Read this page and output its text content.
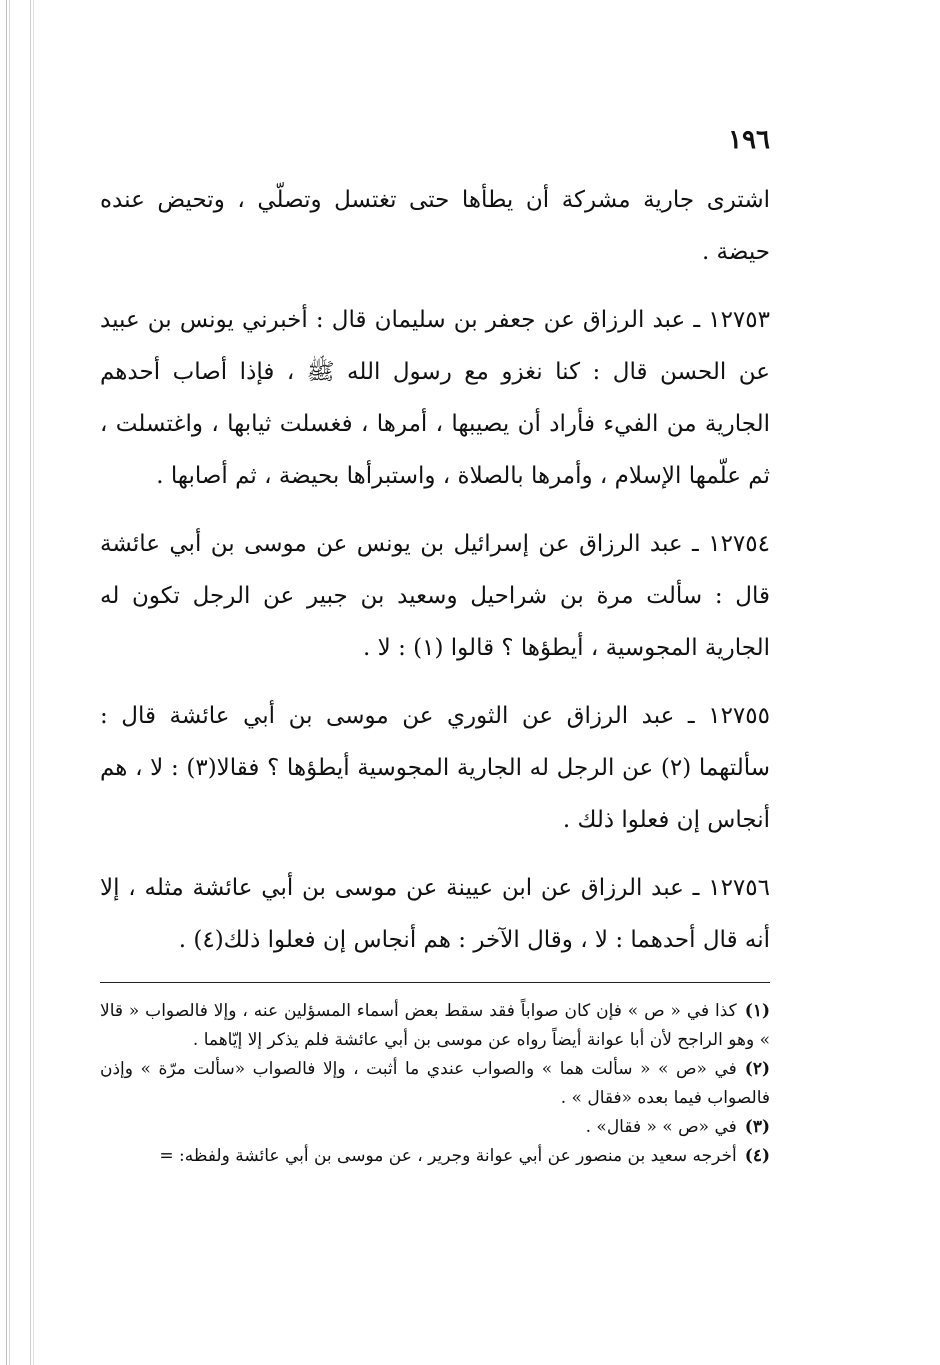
١٩٦

اشترى جارية مشركة أن يطأها حتى تغتسل وتصلّي ، وتحيض عنده حيضة .

١٢٧٥٣ ـ عبد الرزاق عن جعفر بن سليمان قال : أخبرني يونس بن عبيد عن الحسن قال : كنا نغزو مع رسول الله ﷺ ، فإذا أصاب أحدهم الجارية من الفيء فأراد أن يصيبها ، أمرها ، فغسلت ثيابها ، واغتسلت ، ثم علّمها الإسلام ، وأمرها بالصلاة ، واستبرأها بحيضة ، ثم أصابها .

١٢٧٥٤ ـ عبد الرزاق عن إسرائيل بن يونس عن موسى بن أبي عائشة قال : سألت مرة بن شراحيل وسعيد بن جبير عن الرجل تكون له الجارية المجوسية ، أيطؤها ؟ قالوا (١) : لا .

١٢٧٥٥ ـ عبد الرزاق عن الثوري عن موسى بن أبي عائشة قال : سألتهما (٢) عن الرجل له الجارية المجوسية أيطؤها ؟ فقالا(٣) : لا ، هم أنجاس إن فعلوا ذلك .

١٢٧٥٦ ـ عبد الرزاق عن ابن عيينة عن موسى بن أبي عائشة مثله ، إلا أنه قال أحدهما : لا ، وقال الآخر : هم أنجاس إن فعلوا ذلك(٤) .

(١)كذا في « ص » فإن كان صواباً فقد سقط بعض أسماء المسؤلين عنه ، وإلا فالصواب « قالا » وهو الراجح لأن أبا عوانة أيضاً رواه عن موسى بن أبي عائشة فلم يذكر إلا إيّاهما .

(٢)في «ص » « سألت هما » والصواب عندي ما أثبت ، وإلا فالصواب «سألت مرّة » وإذن فالصواب فيما بعده «فقال » .

(٣)في «ص » « فقال» .

(٤)أخرجه سعيد بن منصور عن أبي عوانة وجرير ، عن موسى بن أبي عائشة ولفظه: =
